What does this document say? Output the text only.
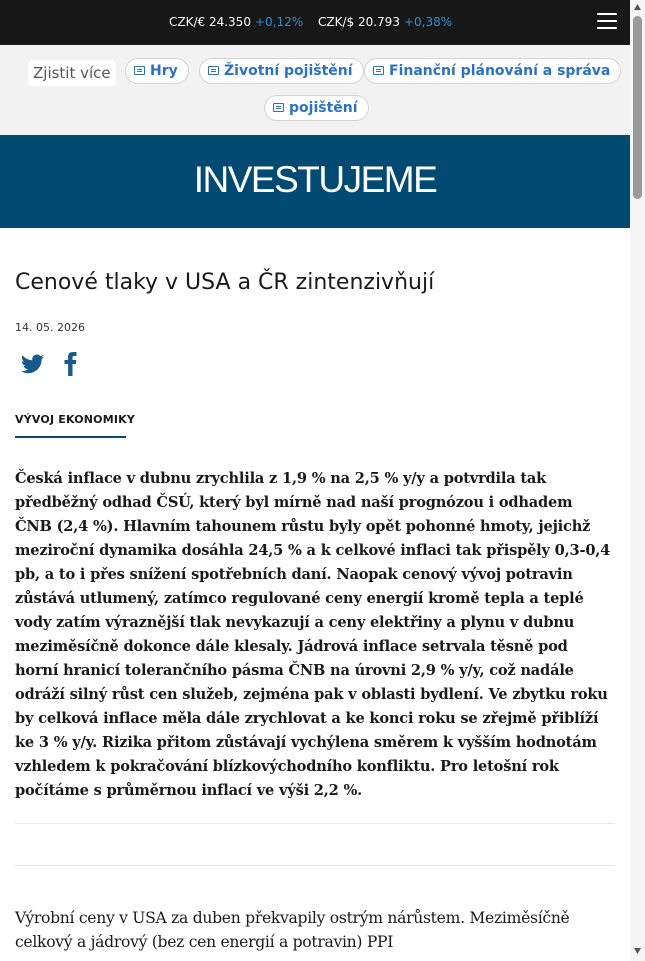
CZK/€ 24.350 +0,12% CZK/$ 20.793 +0,38%
Zjistit více	Hry	Životní pojištění	Finanční plánování a správa
pojištění
INVESTUJEME
Cenové tlaky v USA a ČR zintenzivňují
14. 05. 2026
VÝVOJ EKONOMIKY

Česká inflace v dubnu zrychlila z 1,9 % na 2,5 % y/y a potvrdila tak předběžný odhad ČSÚ, který byl mírně nad naší prognózou i odhadem ČNB (2,4 %). Hlavním tahounem růstu byly opět pohonné hmoty, jejichž meziroční dynamika dosáhla 24,5 % a k celkové inflaci tak přispěly 0,3-0,4 pb, a to i přes snížení spotřebních daní. Naopak cenový vývoj potravin zůstává utlumený, zatímco regulované ceny energií kromě tepla a teplé vody zatím výraznější tlak nevykazují a ceny elektřiny a plynu v dubnu meziměsíčně dokonce dále klesaly. Jádrová inflace setrvala těsně pod horní hranicí tolerančního pásma ČNB na úrovni 2,9 % y/y, což nadále odráží silný růst cen služeb, zejména pak v oblasti bydlení. Ve zbytku roku by celková inflace měla dále zrychlovat a ke konci roku se zřejmě přiblíží ke 3 % y/y. Rizika přitom zůstávají vychýlena směrem k vyšším hodnotám vzhledem k pokračování blízkovýchodního konfliktu. Pro letošní rok počítáme s průměrnou inflací ve výši 2,2 %.

Výrobní ceny v USA za duben překvapily ostrým nárůstem. Meziměsíčně celkový a jádrový (bez cen energií a potravin) PPI
